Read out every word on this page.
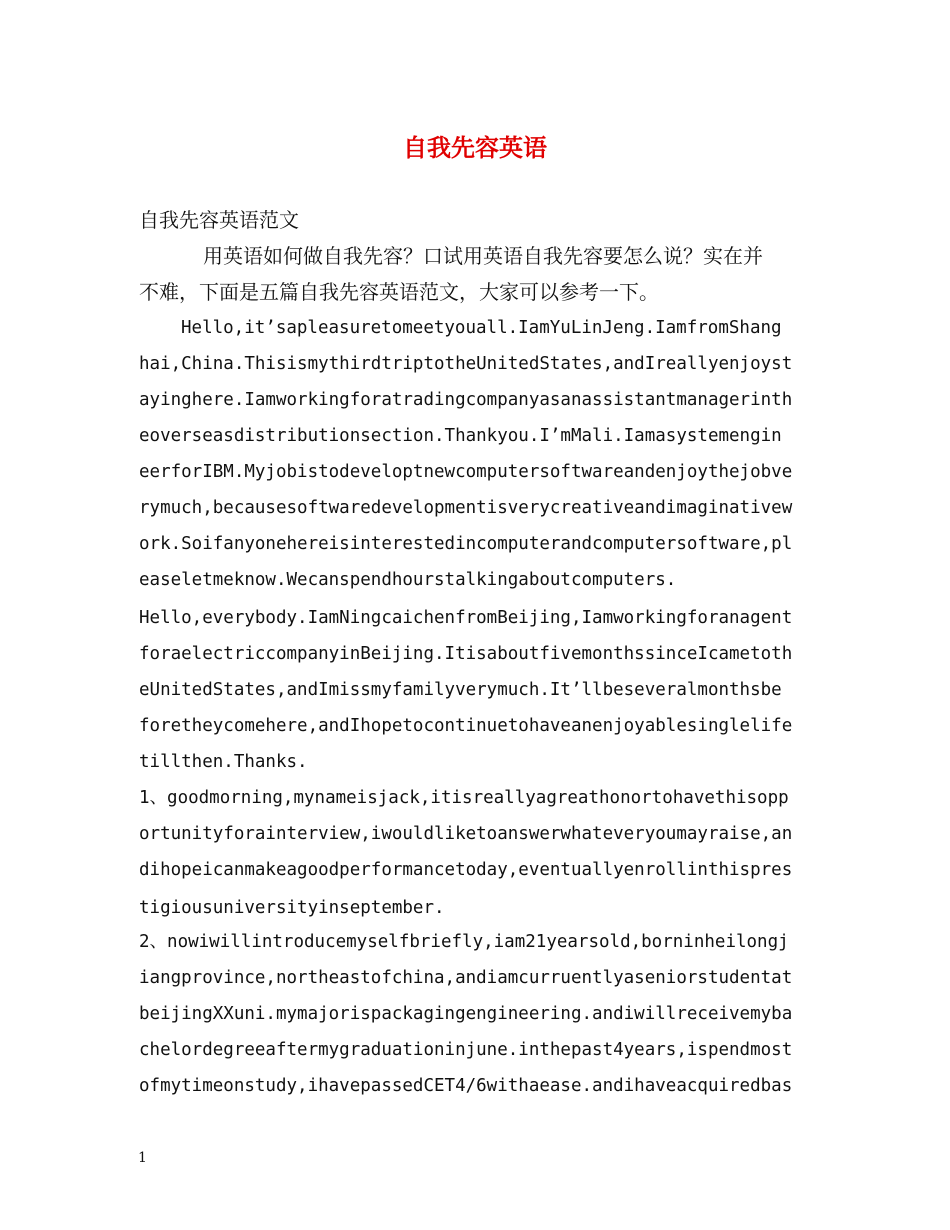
自我先容英语
自我先容英语范文
用英语如何做自我先容？口试用英语自我先容要怎么说？实在并
不难，下面是五篇自我先容英语范文，大家可以参考一下。
Hello,it’sapleasuretomeetyouall.IamYuLinJeng.IamfromShang
hai,China.ThisismythirdtriptotheUnitedStates,andIreallyenjoyst
ayinghere.Iamworkingforatradingcompanyasanassistantmanagerinth
eoverseasdistributionsection.Thankyou.I’mMali.Iamasystemengin
eerforIBM.Myjobistodeveloptnewcomputersoftwareandenjoythejobve
rymuch,becausesoftwaredevelopmentisverycreativeandimaginativew
ork.Soifanyonehereisinterestedincomputerandcomputersoftware,pl
easeletmeknow.Wecanspendhourstalkingaboutcomputers.
Hello,everybody.IamNingcaichenfromBeijing,Iamworkingforanagent
foraelectriccompanyinBeijing.ItisaboutfivemonthssinceIcametoth
eUnitedStates,andImissmyfamilyverymuch.It’llbeseveralmonthsbe
foretheycomehere,andIhopetocontinuetohaveanenjoyablesinglelife
tillthen.Thanks.
1、goodmorning,mynameisjack,itisreallyagreathonortohavethisopp
ortunityforainterview,iwouldliketoanswerwhateveryoumayraise,an
dihopeicanmakeagoodperformancetoday,eventuallyenrollinthispres
tigiousuniversityinseptember.
2、nowiwillintroducemyselfbriefly,iam21yearsold,borninheilongj
iangprovince,northeastofchina,andiamcurruentlyaseniorstudentat
beijingXXuni.mymajorispackagingengineering.andiwillreceivemyba
chelordegreeaftermygraduationinjune.inthepast4years,ispendmost
ofmytimeonstudy,ihavepassedCET4/6withaease.andihaveacquiredbas
1
